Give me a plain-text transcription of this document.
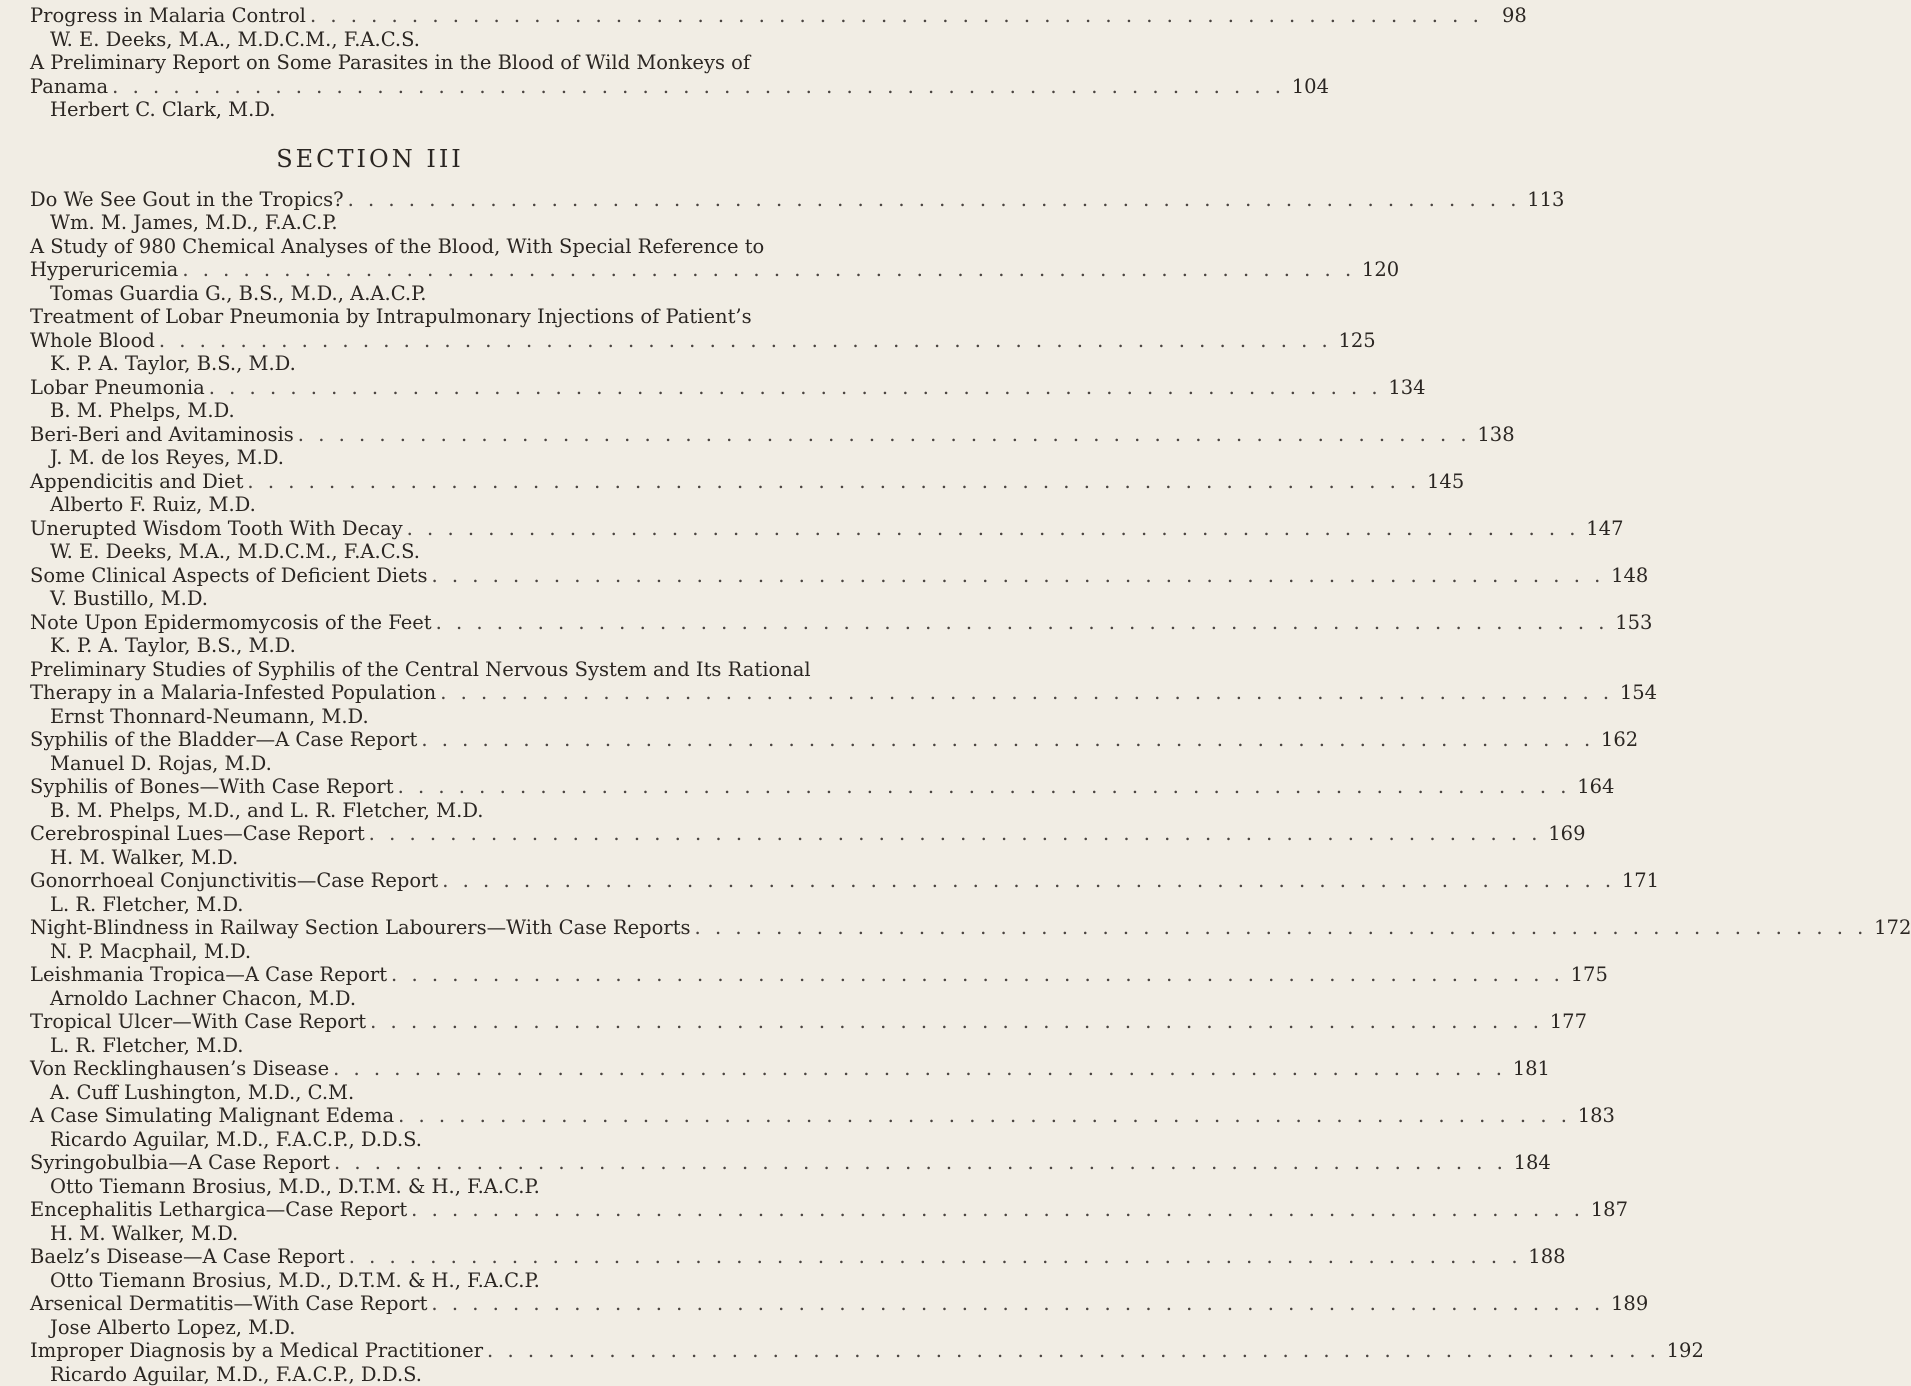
Progress in Malaria Control . . . . . . . . . . . . . . . . . . . . . . . . . . . . . . . . . . . . . . . . . . . . . . . . . . . . . . . . . . 98
W. E. Deeks, M.A., M.D.C.M., F.A.C.S.
A Preliminary Report on Some Parasites in the Blood of Wild Monkeys of
Panama . . . . . . . . . . . . . . . . . . . . . . . . . . . . . . . . . . . . . . . . . . . . . . . . . . . . . . . . . . 104
Herbert C. Clark, M.D.
SECTION III
Do We See Gout in the Tropics? . . . . . . . . . . . . . . . . . . . . . . . . . . . . . . . . . . . . . . . . . . . . . . . . . . . . . . . . . . 113
Wm. M. James, M.D., F.A.C.P.
A Study of 980 Chemical Analyses of the Blood, With Special Reference to
Hyperuricemia . . . . . . . . . . . . . . . . . . . . . . . . . . . . . . . . . . . . . . . . . . . . . . . . . . . . . . . . . . 120
Tomas Guardia G., B.S., M.D., A.A.C.P.
Treatment of Lobar Pneumonia by Intrapulmonary Injections of Patient’s
Whole Blood . . . . . . . . . . . . . . . . . . . . . . . . . . . . . . . . . . . . . . . . . . . . . . . . . . . . . . . . . . 125
K. P. A. Taylor, B.S., M.D.
Lobar Pneumonia . . . . . . . . . . . . . . . . . . . . . . . . . . . . . . . . . . . . . . . . . . . . . . . . . . . . . . . . . . 134
B. M. Phelps, M.D.
Beri-Beri and Avitaminosis . . . . . . . . . . . . . . . . . . . . . . . . . . . . . . . . . . . . . . . . . . . . . . . . . . . . . . . . . . 138
J. M. de los Reyes, M.D.
Appendicitis and Diet . . . . . . . . . . . . . . . . . . . . . . . . . . . . . . . . . . . . . . . . . . . . . . . . . . . . . . . . . . 145
Alberto F. Ruiz, M.D.
Unerupted Wisdom Tooth With Decay . . . . . . . . . . . . . . . . . . . . . . . . . . . . . . . . . . . . . . . . . . . . . . . . . . . . . . . . . . 147
W. E. Deeks, M.A., M.D.C.M., F.A.C.S.
Some Clinical Aspects of Deficient Diets . . . . . . . . . . . . . . . . . . . . . . . . . . . . . . . . . . . . . . . . . . . . . . . . . . . . . . . . . . 148
V. Bustillo, M.D.
Note Upon Epidermomycosis of the Feet . . . . . . . . . . . . . . . . . . . . . . . . . . . . . . . . . . . . . . . . . . . . . . . . . . . . . . . . . . 153
K. P. A. Taylor, B.S., M.D.
Preliminary Studies of Syphilis of the Central Nervous System and Its Rational
Therapy in a Malaria-Infested Population . . . . . . . . . . . . . . . . . . . . . . . . . . . . . . . . . . . . . . . . . . . . . . . . . . . . . . . . . . 154
Ernst Thonnard-Neumann, M.D.
Syphilis of the Bladder—A Case Report . . . . . . . . . . . . . . . . . . . . . . . . . . . . . . . . . . . . . . . . . . . . . . . . . . . . . . . . . . 162
Manuel D. Rojas, M.D.
Syphilis of Bones—With Case Report . . . . . . . . . . . . . . . . . . . . . . . . . . . . . . . . . . . . . . . . . . . . . . . . . . . . . . . . . . 164
B. M. Phelps, M.D., and L. R. Fletcher, M.D.
Cerebrospinal Lues—Case Report . . . . . . . . . . . . . . . . . . . . . . . . . . . . . . . . . . . . . . . . . . . . . . . . . . . . . . . . . . 169
H. M. Walker, M.D.
Gonorrhoeal Conjunctivitis—Case Report . . . . . . . . . . . . . . . . . . . . . . . . . . . . . . . . . . . . . . . . . . . . . . . . . . . . . . . . . . 171
L. R. Fletcher, M.D.
Night-Blindness in Railway Section Labourers—With Case Reports . . . . . . . . . . . . . . . . . . . . . . . . . . . . . . . . . . . . . . . . . . . . . . . . . . . . . . . . . . 172
N. P. Macphail, M.D.
Leishmania Tropica—A Case Report . . . . . . . . . . . . . . . . . . . . . . . . . . . . . . . . . . . . . . . . . . . . . . . . . . . . . . . . . . 175
Arnoldo Lachner Chacon, M.D.
Tropical Ulcer—With Case Report . . . . . . . . . . . . . . . . . . . . . . . . . . . . . . . . . . . . . . . . . . . . . . . . . . . . . . . . . . 177
L. R. Fletcher, M.D.
Von Recklinghausen’s Disease . . . . . . . . . . . . . . . . . . . . . . . . . . . . . . . . . . . . . . . . . . . . . . . . . . . . . . . . . . 181
A. Cuff Lushington, M.D., C.M.
A Case Simulating Malignant Edema . . . . . . . . . . . . . . . . . . . . . . . . . . . . . . . . . . . . . . . . . . . . . . . . . . . . . . . . . . 183
Ricardo Aguilar, M.D., F.A.C.P., D.D.S.
Syringobulbia—A Case Report . . . . . . . . . . . . . . . . . . . . . . . . . . . . . . . . . . . . . . . . . . . . . . . . . . . . . . . . . . 184
Otto Tiemann Brosius, M.D., D.T.M. & H., F.A.C.P.
Encephalitis Lethargica—Case Report . . . . . . . . . . . . . . . . . . . . . . . . . . . . . . . . . . . . . . . . . . . . . . . . . . . . . . . . . . 187
H. M. Walker, M.D.
Baelz’s Disease—A Case Report . . . . . . . . . . . . . . . . . . . . . . . . . . . . . . . . . . . . . . . . . . . . . . . . . . . . . . . . . . 188
Otto Tiemann Brosius, M.D., D.T.M. & H., F.A.C.P.
Arsenical Dermatitis—With Case Report . . . . . . . . . . . . . . . . . . . . . . . . . . . . . . . . . . . . . . . . . . . . . . . . . . . . . . . . . . 189
Jose Alberto Lopez, M.D.
Improper Diagnosis by a Medical Practitioner . . . . . . . . . . . . . . . . . . . . . . . . . . . . . . . . . . . . . . . . . . . . . . . . . . . . . . . . . . 192
Ricardo Aguilar, M.D., F.A.C.P., D.D.S.
